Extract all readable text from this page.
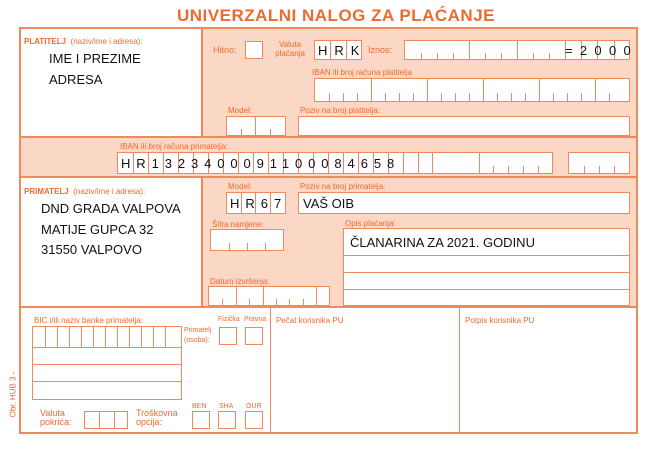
UNIVERZALNI NALOG ZA PLAĆANJE
PLATITELJ (naziv/ime i adresa):
IME I PREZIME
ADRESA
Hitno:
Valuta plaćanja	HRK Iznos:	=2000
IBAN ili broj računa platitelja
Model:	Poziv na broj platitelja:
IBAN ili broj računa primatelja:
HR1323400091100084658
PRIMATELJ (naziv/ime i adresa):
DND GRADA VALPOVA
MATIJE GUPCA 32
31550 VALPOVO
Model:
HR67
Poziv na broj primatelja:
VAŠ OIB
Šifra namjene:	Opis plaćanja:
ČLANARINA ZA 2021. GODINU
Datum izvršenja:
BIC i/ili naziv banke primatelja:
Primatelj (osoba):
Fizička Pravna
Valuta pokrića:
Troškovna opcija:
BEN SHA OUR
Pečat korisnika PU	Potpis korisnika PU
Obr. HUB 3 -
